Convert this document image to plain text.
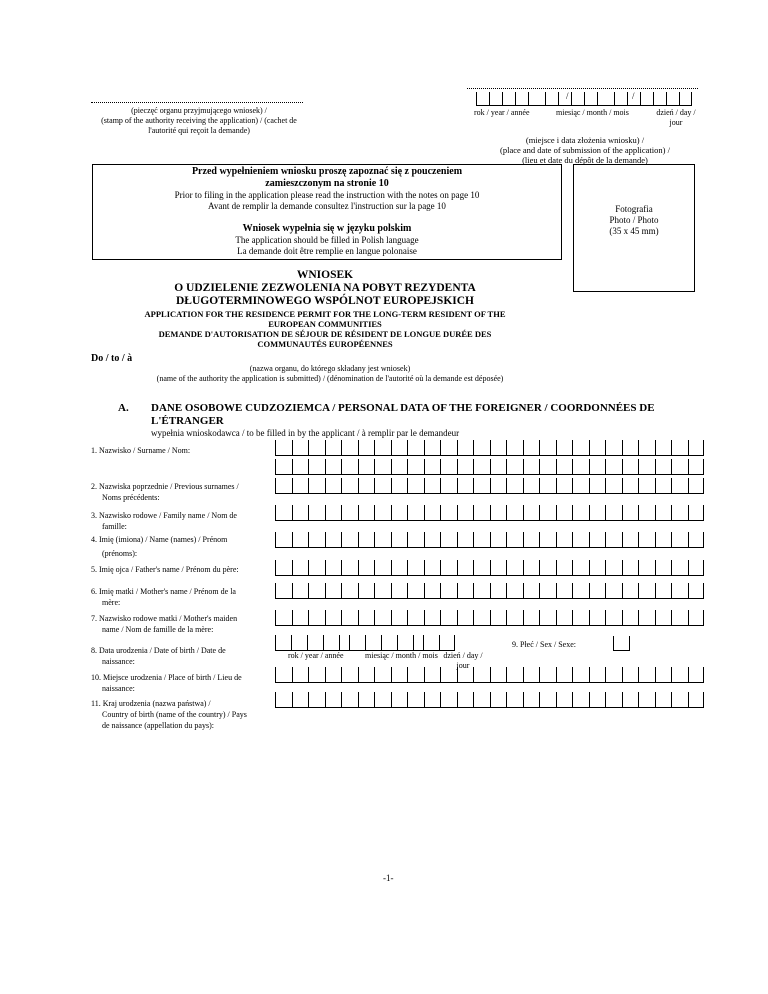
(pieczęć organu przyjmującego wniosek) /
(stamp of the authority receiving the application) / (cachet de
l'autorité qui reçoit la demande)
/	/
rok / year / année	miesiąc / month / mois	dzień / day /
jour
(miejsce i data złożenia wniosku) /
(place and date of submission of the application) /
(lieu et date du dépôt de la demande)
Przed wypełnieniem wniosku proszę zapoznać się z pouczeniem
zamieszczonym na stronie 10
Prior to filing in the application please read the instruction with the notes on page 10
Avant de remplir la demande consultez l'instruction sur la page 10
Wniosek wypełnia się w języku polskim
The application should be filled in Polish language
La demande doit être remplie en langue polonaise
Fotografia
Photo / Photo
(35 x 45 mm)
WNIOSEK
O UDZIELENIE ZEZWOLENIA NA POBYT REZYDENTA
DŁUGOTERMINOWEGO WSPÓLNOT EUROPEJSKICH
APPLICATION FOR THE RESIDENCE PERMIT FOR THE LONG-TERM RESIDENT OF THE
EUROPEAN COMMUNITIES
DEMANDE D'AUTORISATION DE SÉJOUR DE RÉSIDENT DE LONGUE DURÉE DES
COMMUNAUTÉS EUROPÉENNES
Do / to / à
(nazwa organu, do którego składany jest wniosek)
(name of the authority the application is submitted) / (dénomination de l'autorité où la demande est déposée)
A. DANE OSOBOWE CUDZOZIEMCA / PERSONAL DATA OF THE FOREIGNER / COORDONNÉES DE
L'ÉTRANGER
wypełnia wnioskodawca / to be filled in by the applicant / à remplir par le demandeur
1. Nazwisko / Surname / Nom:
2. Nazwiska poprzednie / Previous surnames /
Noms précédents:
3. Nazwisko rodowe / Family name / Nom de
famille:
4. Imię (imiona) / Name (names) / Prénom
(prénoms):
5. Imię ojca / Father's name / Prénom du père:
6. Imię matki / Mother's name / Prénom de la
mère:
7. Nazwisko rodowe matki / Mother's maiden
name / Nom de famille de la mère:
8. Data urodzenia / Date of birth / Date de
naissance:
10. Miejsce urodzenia / Place of birth / Lieu de
naissance:
11. Kraj urodzenia (nazwa państwa) /
Country of birth (name of the country) / Pays
de naissance (appellation du pays):
rok / year / année	miesiąc / month / mois dzień / day /
jour
9. Płeć / Sex / Sexe:
-1-
